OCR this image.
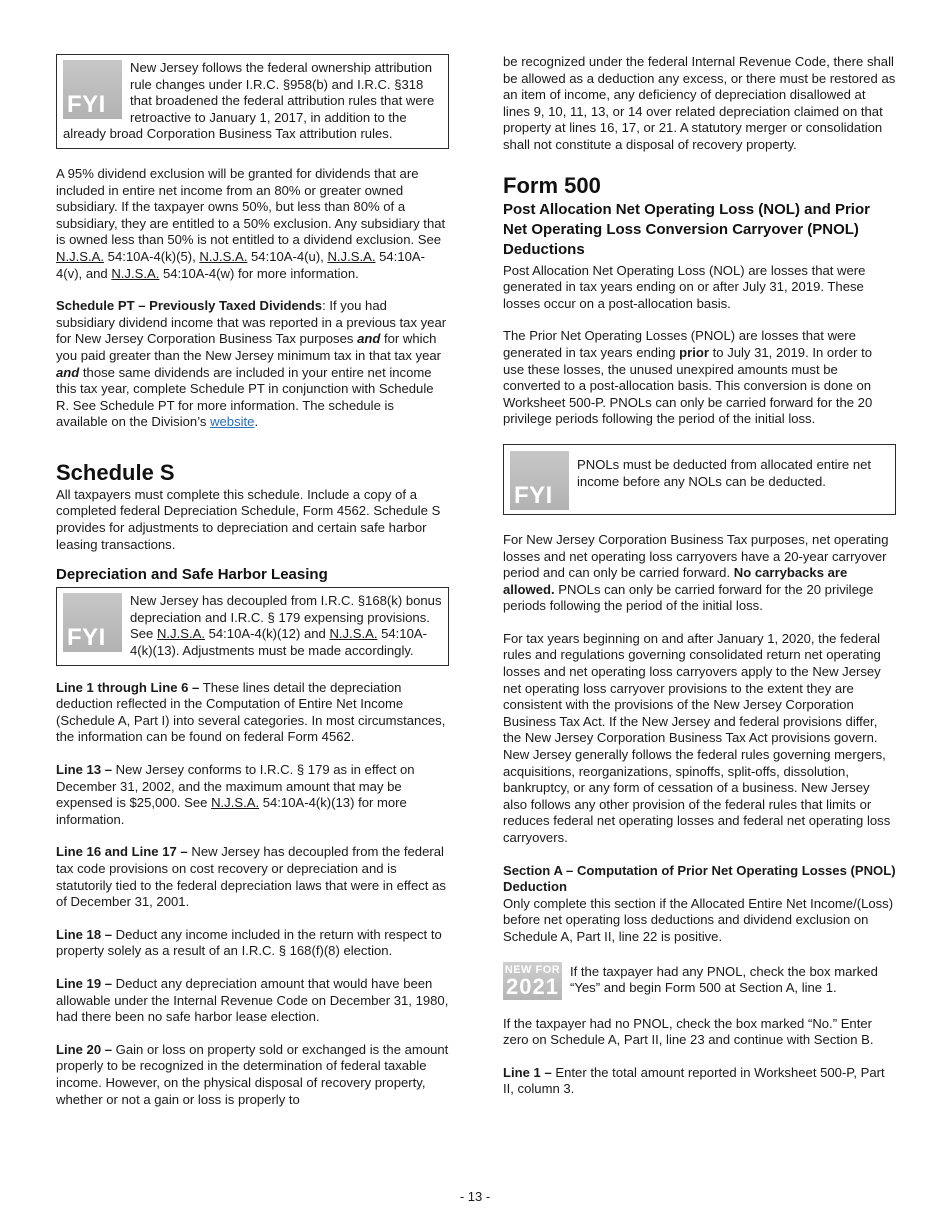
FYI
New Jersey follows the federal ownership attribution rule changes under I.R.C. §958(b) and I.R.C. §318 that broadened the federal attribution rules that were retroactive to January 1, 2017, in addition to the already broad Corporation Business Tax attribution rules.

A 95% dividend exclusion will be granted for dividends that are included in entire net income from an 80% or greater owned subsidiary. If the taxpayer owns 50%, but less than 80% of a subsidiary, they are entitled to a 50% exclusion. Any subsidiary that is owned less than 50% is not entitled to a dividend exclusion. See N.J.S.A. 54:10A-4(k)(5), N.J.S.A. 54:10A-4(u), N.J.S.A. 54:10A-4(v), and N.J.S.A. 54:10A-4(w) for more information.

Schedule PT – Previously Taxed Dividends: If you had subsidiary dividend income that was reported in a previous tax year for New Jersey Corporation Business Tax purposes and for which you paid greater than the New Jersey minimum tax in that tax year and those same dividends are included in your entire net income this tax year, complete Schedule PT in conjunction with Schedule R. See Schedule PT for more information. The schedule is available on the Division’s website.

Schedule S

All taxpayers must complete this schedule. Include a copy of a completed federal Depreciation Schedule, Form 4562. Schedule S provides for adjustments to depreciation and certain safe harbor leasing transactions.

Depreciation and Safe Harbor Leasing
FYI
New Jersey has decoupled from I.R.C. §168(k) bonus depreciation and I.R.C. § 179 expensing provisions. See N.J.S.A. 54:10A-4(k)(12) and N.J.S.A. 54:10A-4(k)(13). Adjustments must be made accordingly.

Line 1 through Line 6 – These lines detail the depreciation deduction reflected in the Computation of Entire Net Income (Schedule A, Part I) into several categories. In most circumstances, the information can be found on federal Form 4562.

Line 13 – New Jersey conforms to I.R.C. § 179 as in effect on December 31, 2002, and the maximum amount that may be expensed is $25,000. See N.J.S.A. 54:10A-4(k)(13) for more information.

Line 16 and Line 17 – New Jersey has decoupled from the federal tax code provisions on cost recovery or depreciation and is statutorily tied to the federal depreciation laws that were in effect as of December 31, 2001.

Line 18 – Deduct any income included in the return with respect to property solely as a result of an I.R.C. § 168(f)(8) election.

Line 19 – Deduct any depreciation amount that would have been allowable under the Internal Revenue Code on December 31, 1980, had there been no safe harbor lease election.

Line 20 – Gain or loss on property sold or exchanged is the amount properly to be recognized in the determination of federal taxable income. However, on the physical disposal of recovery property, whether or not a gain or loss is properly to

be recognized under the federal Internal Revenue Code, there shall be allowed as a deduction any excess, or there must be restored as an item of income, any deficiency of depreciation disallowed at lines 9, 10, 11, 13, or 14 over related depreciation claimed on that property at lines 16, 17, or 21. A statutory merger or consolidation shall not constitute a disposal of recovery property.

Form 500
Post Allocation Net Operating Loss (NOL) and Prior Net Operating Loss Conversion Carryover (PNOL) Deductions

Post Allocation Net Operating Loss (NOL) are losses that were generated in tax years ending on or after July 31, 2019. These losses occur on a post-allocation basis.

The Prior Net Operating Losses (PNOL) are losses that were generated in tax years ending prior to July 31, 2019. In order to use these losses, the unused unexpired amounts must be converted to a post-allocation basis. This conversion is done on Worksheet 500-P. PNOLs can only be carried forward for the 20 privilege periods following the period of the initial loss.

FYI
PNOLs must be deducted from allocated entire net income before any NOLs can be deducted.

For New Jersey Corporation Business Tax purposes, net operating losses and net operating loss carryovers have a 20-year carryover period and can only be carried forward. No carrybacks are allowed. PNOLs can only be carried forward for the 20 privilege periods following the period of the initial loss.

For tax years beginning on and after January 1, 2020, the federal rules and regulations governing consolidated return net operating losses and net operating loss carryovers apply to the New Jersey net operating loss carryover provisions to the extent they are consistent with the provisions of the New Jersey Corporation Business Tax Act. If the New Jersey and federal provisions differ, the New Jersey Corporation Business Tax Act provisions govern. New Jersey generally follows the federal rules governing mergers, acquisitions, reorganizations, spinoffs, split-offs, dissolution, bankruptcy, or any form of cessation of a business. New Jersey also follows any other provision of the federal rules that limits or reduces federal net operating losses and federal net operating loss carryovers.

Section A – Computation of Prior Net Operating Losses (PNOL) Deduction

Only complete this section if the Allocated Entire Net Income/(Loss) before net operating loss deductions and dividend exclusion on Schedule A, Part II, line 22 is positive.

NEW FOR
2021
If the taxpayer had any PNOL, check the box marked “Yes” and begin Form 500 at Section A, line 1.

If the taxpayer had no PNOL, check the box marked “No.” Enter zero on Schedule A, Part II, line 23 and continue with Section B.

Line 1 – Enter the total amount reported in Worksheet 500-P, Part II, column 3.

- 13 -
